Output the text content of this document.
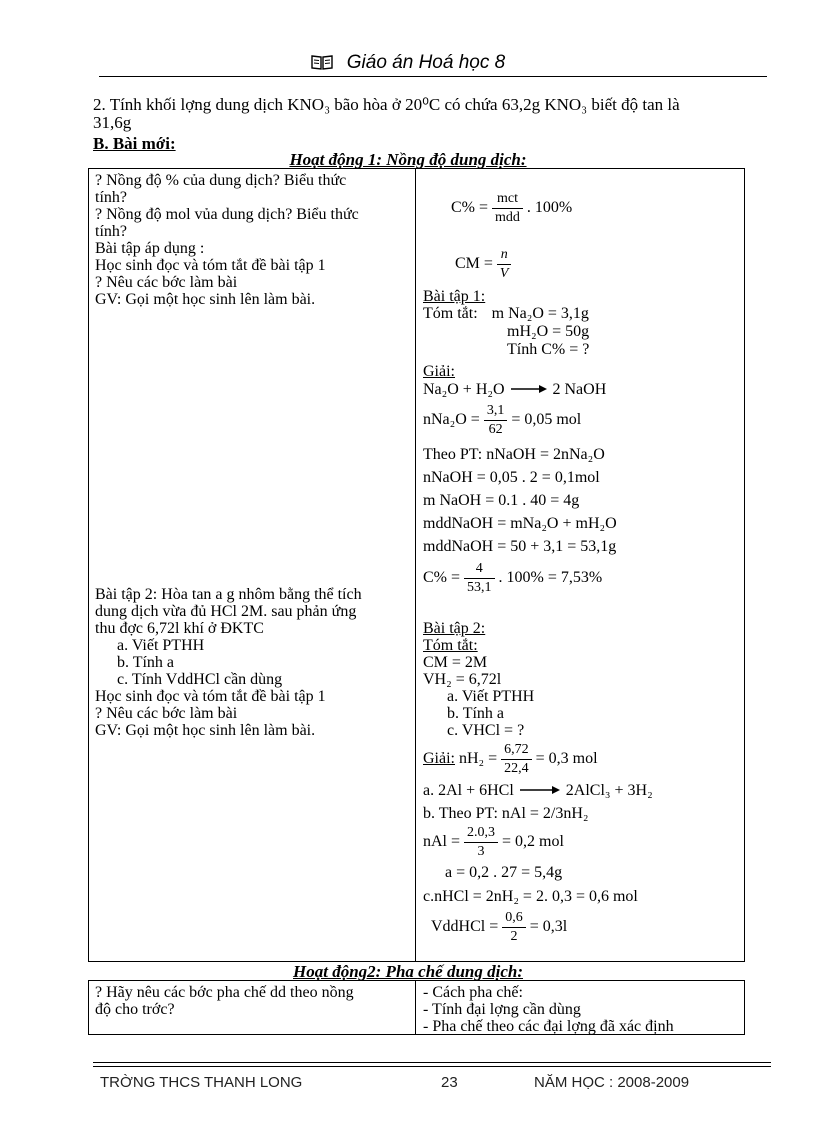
Giáo án Hoá học 8
2. Tính khối lợng dung dịch KNO₃ bão hòa ở 20⁰C có chứa 63,2g KNO₃ biết độ tan là
31,6g
B. Bài mới:
Hoạt động 1: Nồng độ dung dịch:
? Nồng độ % của dung dịch? Biểu thức
tính?
? Nồng độ mol vủa dung dịch? Biểu thức
tính?
Bài tập áp dụng :
Học sinh đọc và tóm tắt đề bài tập 1
? Nêu các bớc làm bài
GV: Gọi một học sinh lên làm bài.
Bài tập 2: Hòa tan a g nhôm bằng thể tích
dung dịch vừa đủ HCl 2M. sau phản ứng
thu đợc 6,72l khí ở ĐKTC
a. Viết PTHH
b. Tính a
c. Tính VddHCl cần dùng
Học sinh đọc và tóm tắt đề bài tập 1
? Nêu các bớc làm bài
GV: Gọi một học sinh lên làm bài.
C% =
mct
mdd
. 100%
CM = $\frac{n}{V}$
Bài tập 1:
Tóm tắt: m Na₂O = 3,1g
mH₂O = 50g
Tính C% = ?
Giải:
Na₂O + H₂O → 2 NaOH
$nNa_2O = \frac{3,1}{62} = 0,05$ mol
Theo PT: nNaOH = 2nNa₂O
nNaOH = 0,05 . 2 = 0,1mol
m NaOH = 0.1 . 40 = 4g
mddNaOH = mNa₂O + mH₂O
mddNaOH = 50 + 3,1 = 53,1g
$C\% = \frac{4}{53,1}$ . 100% = 7,53%
Bài tập 2:
Tóm tắt:
CM = 2M
VH₂ = 6,72l
a. Viết PTHH
b. Tính a
c. VHCl = ?
Giải: $nH_2 = \frac{6,72}{22,4} = 0,3$ mol
a. 2Al + 6HCl → 2AlCl₃ + 3H₂
b. Theo PT: nAl = 2/3nH₂
nAl = $\frac{2.0,3}{3} = 0,2$ mol
a = 0,2 . 27 = 5,4g
c.nHCl = 2nH₂ = 2. 0,3 = 0,6 mol
VddHCl = $\frac{0,6}{2} = 0,3l$
Hoạt động2: Pha chế dung dịch:
? Hãy nêu các bớc pha chế dd theo nồng
độ cho trớc?
- Cách pha chế:
- Tính đại lợng cần dùng
- Pha chế theo các đại lợng đã xác định
TRỜNG THCS THANH LONG	23	NĂM HỌC : 2008-2009
